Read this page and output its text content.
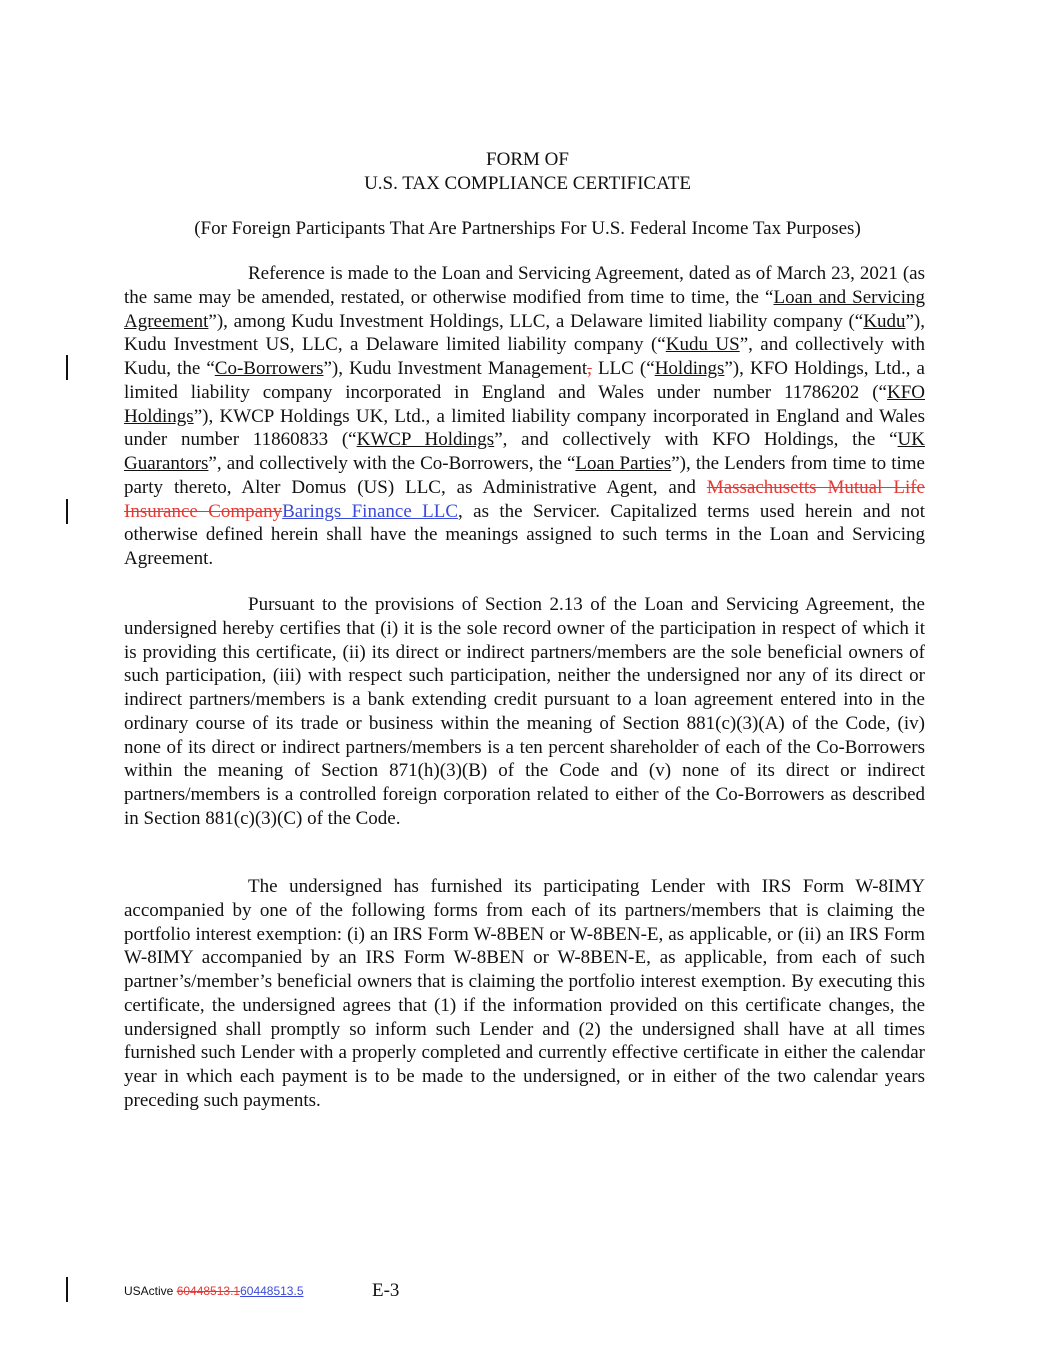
FORM OF
U.S. TAX COMPLIANCE CERTIFICATE
(For Foreign Participants That Are Partnerships For U.S. Federal Income Tax Purposes)

Reference is made to the Loan and Servicing Agreement, dated as of March 23, 2021 (as the same may be amended, restated, or otherwise modified from time to time, the “Loan and Servicing Agreement”), among Kudu Investment Holdings, LLC, a Delaware limited liability company (“Kudu”), Kudu Investment US, LLC, a Delaware limited liability company (“Kudu US”, and collectively with Kudu, the “Co-Borrowers”), Kudu Investment Management, LLC (“Holdings”), KFO Holdings, Ltd., a limited liability company incorporated in England and Wales under number 11786202 (“KFO Holdings”), KWCP Holdings UK, Ltd., a limited liability company incorporated in England and Wales under number 11860833 (“KWCP Holdings”, and collectively with KFO Holdings, the “UK Guarantors”, and collectively with the Co-Borrowers, the “Loan Parties”), the Lenders from time to time party thereto, Alter Domus (US) LLC, as Administrative Agent, and Massachusetts Mutual Life Insurance CompanyBarings Finance LLC, as the Servicer. Capitalized terms used herein and not otherwise defined herein shall have the meanings assigned to such terms in the Loan and Servicing Agreement.

Pursuant to the provisions of Section 2.13 of the Loan and Servicing Agreement, the undersigned hereby certifies that (i) it is the sole record owner of the participation in respect of which it is providing this certificate, (ii) its direct or indirect partners/members are the sole beneficial owners of such participation, (iii) with respect such participation, neither the undersigned nor any of its direct or indirect partners/members is a bank extending credit pursuant to a loan agreement entered into in the ordinary course of its trade or business within the meaning of Section 881(c)(3)(A) of the Code, (iv) none of its direct or indirect partners/members is a ten percent shareholder of each of the Co-Borrowers within the meaning of Section 871(h)(3)(B) of the Code and (v) none of its direct or indirect partners/members is a controlled foreign corporation related to either of the Co-Borrowers as described in Section 881(c)(3)(C) of the Code.

The undersigned has furnished its participating Lender with IRS Form W-8IMY accompanied by one of the following forms from each of its partners/members that is claiming the portfolio interest exemption: (i) an IRS Form W-8BEN or W-8BEN-E, as applicable, or (ii) an IRS Form W-8IMY accompanied by an IRS Form W-8BEN or W-8BEN-E, as applicable, from each of such partner’s/member’s beneficial owners that is claiming the portfolio interest exemption. By executing this certificate, the undersigned agrees that (1) if the information provided on this certificate changes, the undersigned shall promptly so inform such Lender and (2) the undersigned shall have at all times furnished such Lender with a properly completed and currently effective certificate in either the calendar year in which each payment is to be made to the undersigned, or in either of the two calendar years preceding such payments.

USActive 60448513.160448513.5	E-3
